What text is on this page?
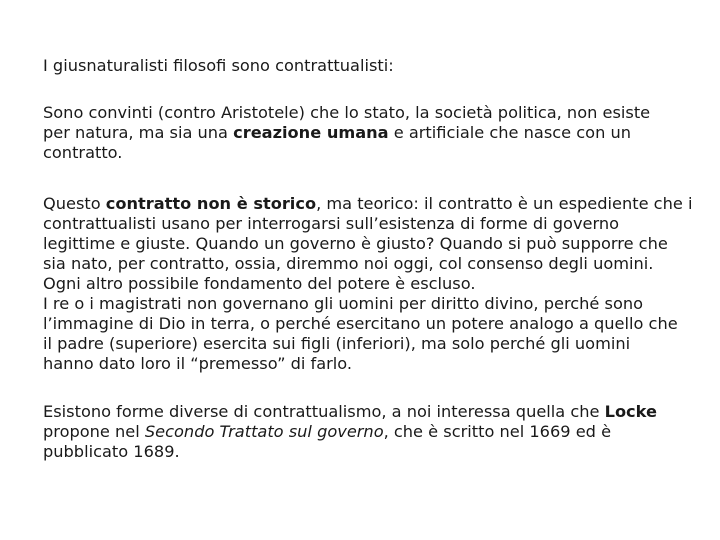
I giusnaturalisti filosofi sono contrattualisti:

Sono convinti (contro Aristotele) che lo stato, la società politica, non esiste
per natura, ma sia una creazione umana e artificiale che nasce con un
contratto.

Questo contratto non è storico, ma teorico: il contratto è un espediente che i
contrattualisti usano per interrogarsi sull’esistenza di forme di governo
legittime e giuste. Quando un governo è giusto? Quando si può supporre che
sia nato, per contratto, ossia, diremmo noi oggi, col consenso degli uomini.
Ogni altro possibile fondamento del potere è escluso.
I re o i magistrati non governano gli uomini per diritto divino, perché sono
l’immagine di Dio in terra, o perché esercitano un potere analogo a quello che
il padre (superiore) esercita sui figli (inferiori), ma solo perché gli uomini
hanno dato loro il “premesso” di farlo.

Esistono forme diverse di contrattualismo, a noi interessa quella che Locke
propone nel Secondo Trattato sul governo, che è scritto nel 1669 ed è
pubblicato 1689.
